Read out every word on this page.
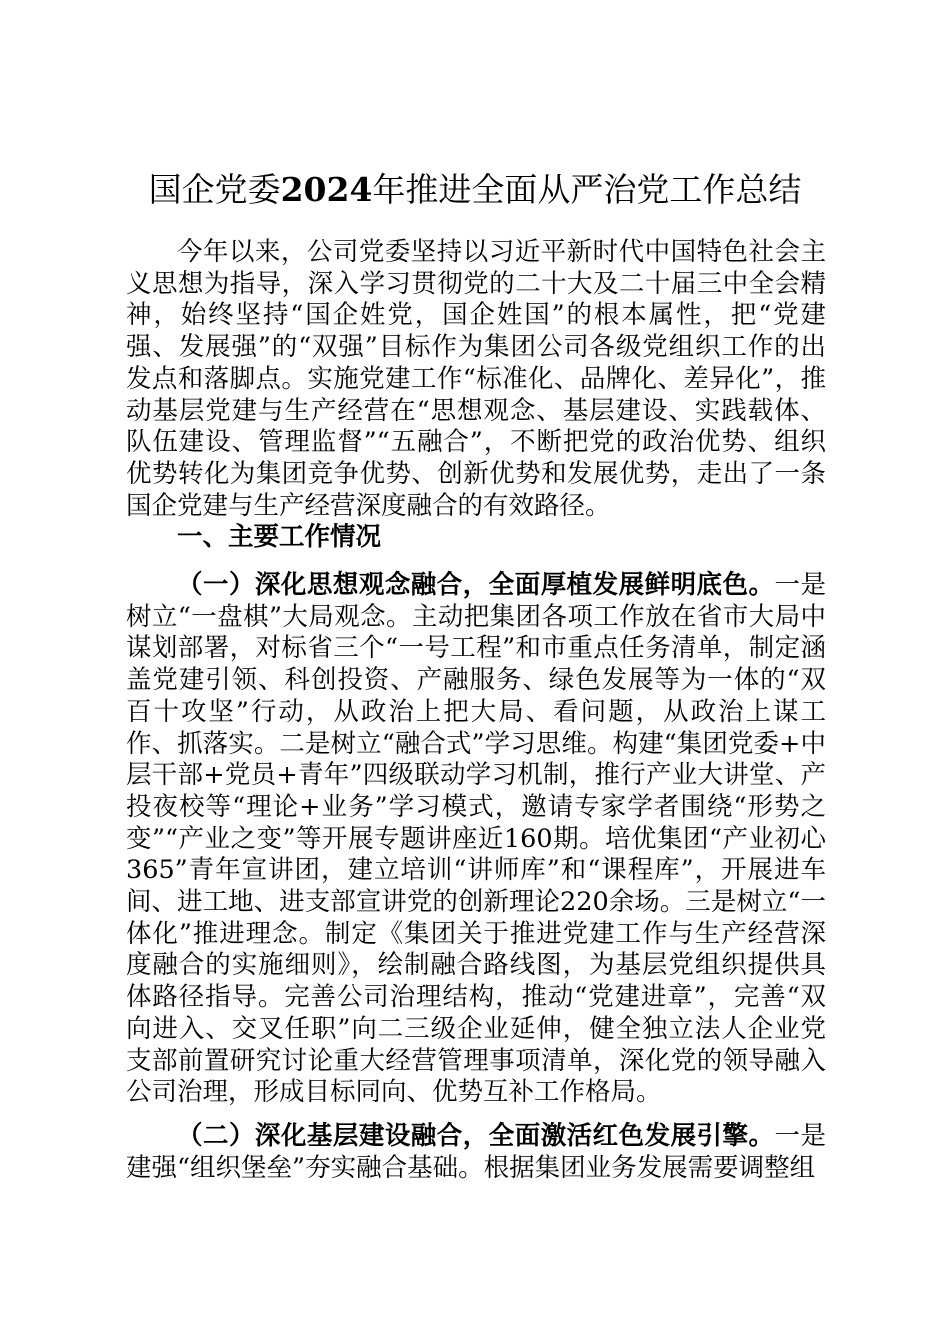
国企党委2024年推进全面从严治党工作总结

今年以来，公司党委坚持以习近平新时代中国特色社会主义思想为指导，深入学习贯彻党的二十大及二十届三中全会精神，始终坚持“国企姓党，国企姓国”的根本属性，把“党建强、发展强”的“双强”目标作为集团公司各级党组织工作的出发点和落脚点。实施党建工作“标准化、品牌化、差异化”，推动基层党建与生产经营在“思想观念、基层建设、实践载体、队伍建设、管理监督”“五融合”，不断把党的政治优势、组织优势转化为集团竞争优势、创新优势和发展优势，走出了一条国企党建与生产经营深度融合的有效路径。

一、主要工作情况

（一）深化思想观念融合，全面厚植发展鲜明底色。一是树立“一盘棋”大局观念。主动把集团各项工作放在省市大局中谋划部署，对标省三个“一号工程”和市重点任务清单，制定涵盖党建引领、科创投资、产融服务、绿色发展等为一体的“双百十攻坚”行动，从政治上把大局、看问题，从政治上谋工作、抓落实。二是树立“融合式”学习思维。构建“集团党委+中层干部+党员+青年”四级联动学习机制，推行产业大讲堂、产投夜校等“理论+业务”学习模式，邀请专家学者围绕“形势之变”“产业之变”等开展专题讲座近160期。培优集团“产业初心365”青年宣讲团，建立培训“讲师库”和“课程库”，开展进车间、进工地、进支部宣讲党的创新理论220余场。三是树立“一体化”推进理念。制定《集团关于推进党建工作与生产经营深度融合的实施细则》，绘制融合路线图，为基层党组织提供具体路径指导。完善公司治理结构，推动“党建进章”，完善“双向进入、交叉任职”向二三级企业延伸，健全独立法人企业党支部前置研究讨论重大经营管理事项清单，深化党的领导融入公司治理，形成目标同向、优势互补工作格局。

（二）深化基层建设融合，全面激活红色发展引擎。一是建强“组织堡垒”夯实融合基础。根据集团业务发展需要调整组
